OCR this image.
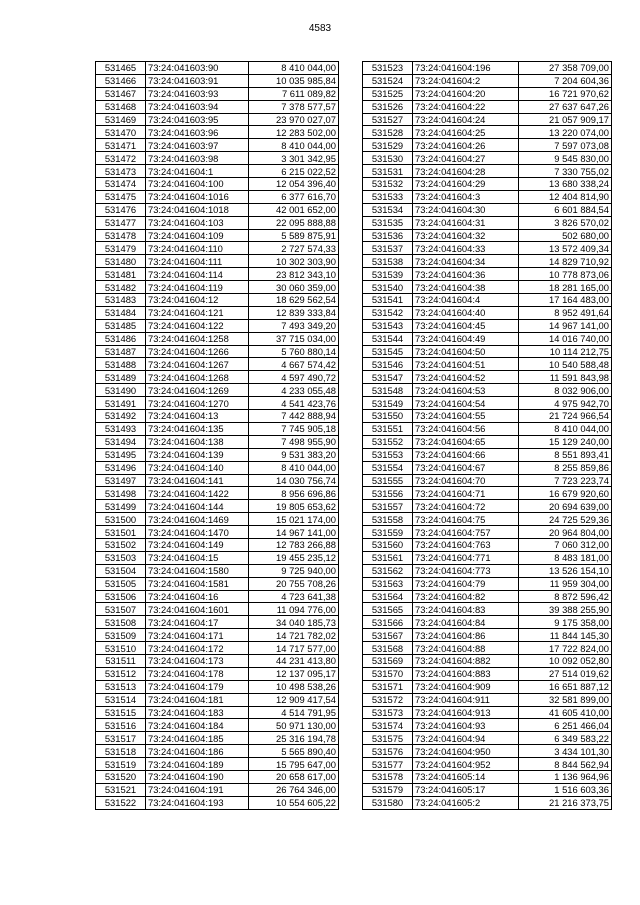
4583
531465	73:24:041603:90	8 410 044,00
531466	73:24:041603:91	10 035 985,84
531467	73:24:041603:93	7 611 089,82
531468	73:24:041603:94	7 378 577,57
531469	73:24:041603:95	23 970 027,07
531470	73:24:041603:96	12 283 502,00
531471	73:24:041603:97	8 410 044,00
531472	73:24:041603:98	3 301 342,95
531473	73:24:041604:1	6 215 022,52
531474	73:24:041604:100	12 054 396,40
531475	73:24:041604:1016	6 377 616,70
531476	73:24:041604:1018	42 001 652,00
531477	73:24:041604:103	22 095 888,88
531478	73:24:041604:109	5 589 875,91
531479	73:24:041604:110	2 727 574,33
531480	73:24:041604:111	10 302 303,90
531481	73:24:041604:114	23 812 343,10
531482	73:24:041604:119	30 060 359,00
531483	73:24:041604:12	18 629 562,54
531484	73:24:041604:121	12 839 333,84
531485	73:24:041604:122	7 493 349,20
531486	73:24:041604:1258	37 715 034,00
531487	73:24:041604:1266	5 760 880,14
531488	73:24:041604:1267	4 667 574,42
531489	73:24:041604:1268	4 597 490,72
531490	73:24:041604:1269	4 233 055,48
531491	73:24:041604:1270	4 541 423,76
531492	73:24:041604:13	7 442 888,94
531493	73:24:041604:135	7 745 905,18
531494	73:24:041604:138	7 498 955,90
531495	73:24:041604:139	9 531 383,20
531496	73:24:041604:140	8 410 044,00
531497	73:24:041604:141	14 030 756,74
531498	73:24:041604:1422	8 956 696,86
531499	73:24:041604:144	19 805 653,62
531500	73:24:041604:1469	15 021 174,00
531501	73:24:041604:1470	14 967 141,00
531502	73:24:041604:149	12 783 266,88
531503	73:24:041604:15	19 455 235,12
531504	73:24:041604:1580	9 725 940,00
531505	73:24:041604:1581	20 755 708,26
531506	73:24:041604:16	4 723 641,38
531507	73:24:041604:1601	11 094 776,00
531508	73:24:041604:17	34 040 185,73
531509	73:24:041604:171	14 721 782,02
531510	73:24:041604:172	14 717 577,00
531511	73:24:041604:173	44 231 413,80
531512	73:24:041604:178	12 137 095,17
531513	73:24:041604:179	10 498 538,26
531514	73:24:041604:181	12 909 417,54
531515	73:24:041604:183	4 514 791,95
531516	73:24:041604:184	50 971 130,00
531517	73:24:041604:185	25 316 194,78
531518	73:24:041604:186	5 565 890,40
531519	73:24:041604:189	15 795 647,00
531520	73:24:041604:190	20 658 617,00
531521	73:24:041604:191	26 764 346,00
531522	73:24:041604:193	10 554 605,22
531523	73:24:041604:196	27 358 709,00
531524	73:24:041604:2	7 204 604,36
531525	73:24:041604:20	16 721 970,62
531526	73:24:041604:22	27 637 647,26
531527	73:24:041604:24	21 057 909,17
531528	73:24:041604:25	13 220 074,00
531529	73:24:041604:26	7 597 073,08
531530	73:24:041604:27	9 545 830,00
531531	73:24:041604:28	7 330 755,02
531532	73:24:041604:29	13 680 338,24
531533	73:24:041604:3	12 404 814,90
531534	73:24:041604:30	6 601 884,54
531535	73:24:041604:31	3 826 570,02
531536	73:24:041604:32	502 680,00
531537	73:24:041604:33	13 572 409,34
531538	73:24:041604:34	14 829 710,92
531539	73:24:041604:36	10 778 873,06
531540	73:24:041604:38	18 281 165,00
531541	73:24:041604:4	17 164 483,00
531542	73:24:041604:40	8 952 491,64
531543	73:24:041604:45	14 967 141,00
531544	73:24:041604:49	14 016 740,00
531545	73:24:041604:50	10 114 212,75
531546	73:24:041604:51	10 540 588,48
531547	73:24:041604:52	11 591 843,98
531548	73:24:041604:53	8 032 906,00
531549	73:24:041604:54	4 975 942,70
531550	73:24:041604:55	21 724 966,54
531551	73:24:041604:56	8 410 044,00
531552	73:24:041604:65	15 129 240,00
531553	73:24:041604:66	8 551 893,41
531554	73:24:041604:67	8 255 859,86
531555	73:24:041604:70	7 723 223,74
531556	73:24:041604:71	16 679 920,60
531557	73:24:041604:72	20 694 639,00
531558	73:24:041604:75	24 725 529,36
531559	73:24:041604:757	20 964 804,00
531560	73:24:041604:763	7 060 312,00
531561	73:24:041604:771	8 483 181,00
531562	73:24:041604:773	13 526 154,10
531563	73:24:041604:79	11 959 304,00
531564	73:24:041604:82	8 872 596,42
531565	73:24:041604:83	39 388 255,90
531566	73:24:041604:84	9 175 358,00
531567	73:24:041604:86	11 844 145,30
531568	73:24:041604:88	17 722 824,00
531569	73:24:041604:882	10 092 052,80
531570	73:24:041604:883	27 514 019,62
531571	73:24:041604:909	16 651 887,12
531572	73:24:041604:911	32 581 899,00
531573	73:24:041604:913	41 605 410,00
531574	73:24:041604:93	6 251 466,04
531575	73:24:041604:94	6 349 583,22
531576	73:24:041604:950	3 434 101,30
531577	73:24:041604:952	8 844 562,94
531578	73:24:041605:14	1 136 964,96
531579	73:24:041605:17	1 516 603,36
531580	73:24:041605:2	21 216 373,75
